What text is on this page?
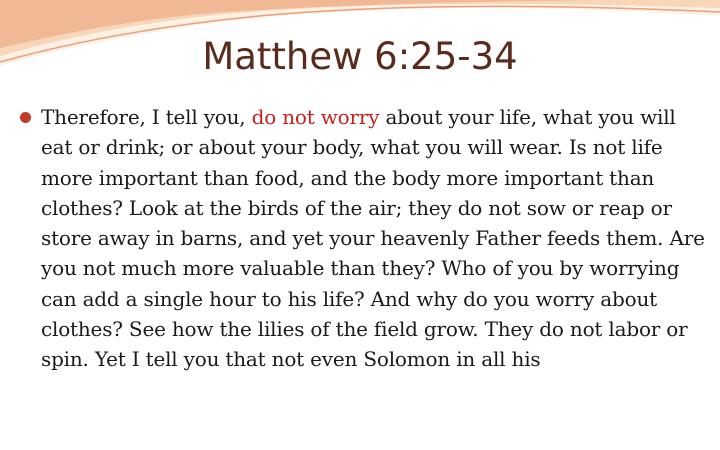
Matthew 6:25-34

Therefore, I tell you, do not worry about your life, what you will eat or drink; or about your body, what you will wear. Is not life more important than food, and the body more important than clothes? Look at the birds of the air; they do not sow or reap or store away in barns, and yet your heavenly Father feeds them. Are you not much more valuable than they? Who of you by worrying can add a single hour to his life? And why do you worry about clothes? See how the lilies of the field grow. They do not labor or spin. Yet I tell you that not even Solomon in all his
